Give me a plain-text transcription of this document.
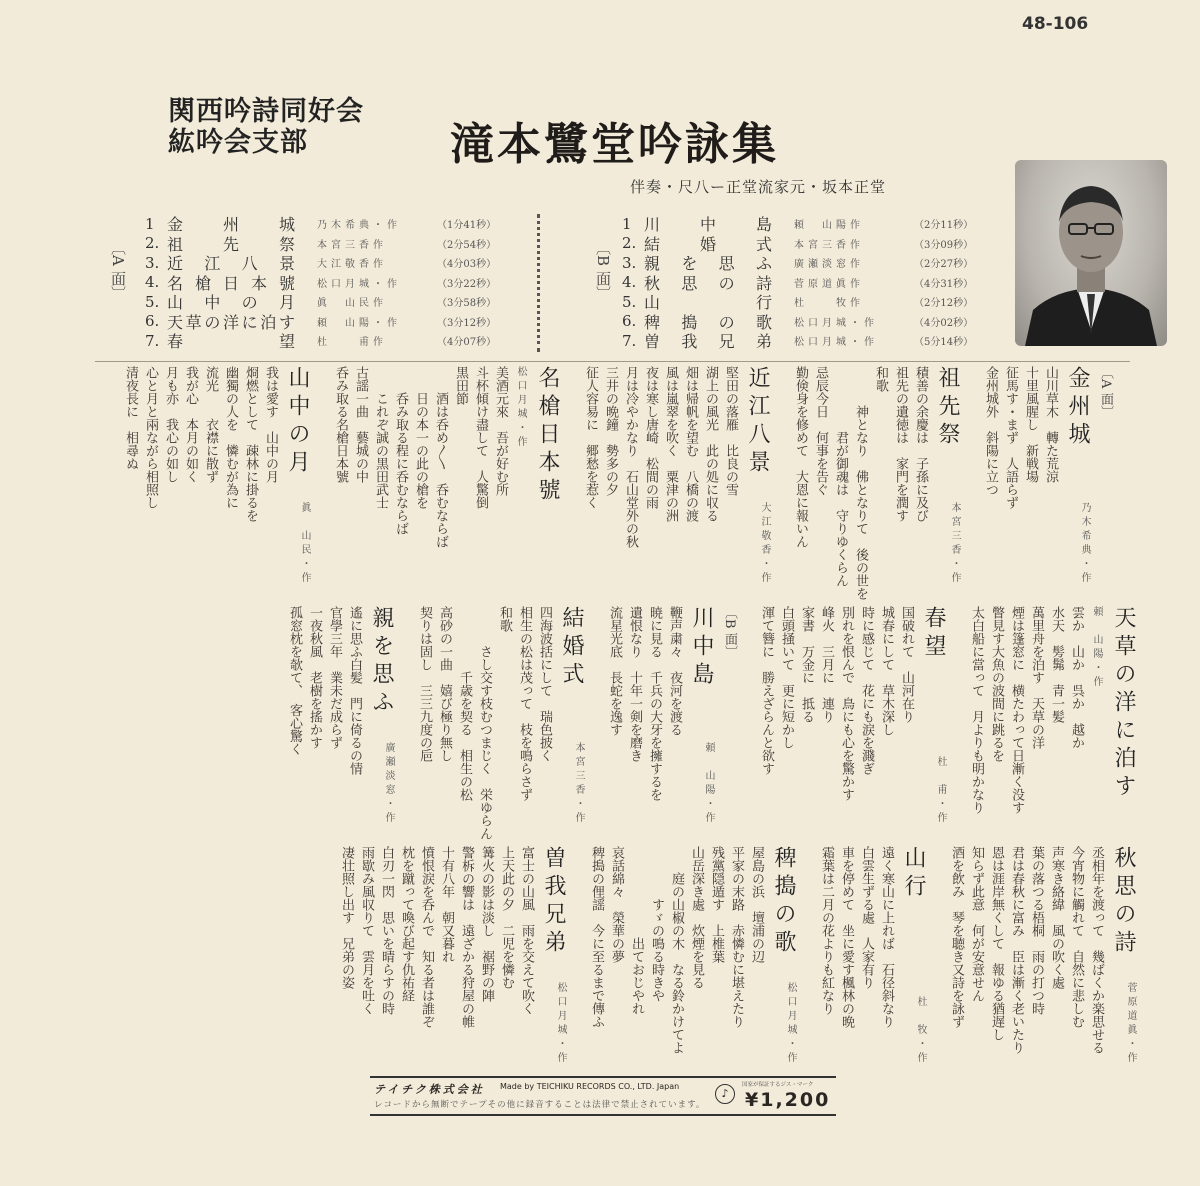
関西吟詩同好会
紘吟会支部	滝本鷺堂吟詠集
48-106
伴奏・尺八ー正堂流家元・坂本正堂
〔A 面〕
1 金 州 城 乃木希典・作	（1分41秒）
2. 祖 先 祭 本宮三香作	（2分54秒）
3. 近 江 八 景 大江敬香作	（4分03秒）
4. 名 槍 日 本 號 松口月城・作	（3分22秒）
5. 山 中 の 月 眞　山民作	（3分58秒）
6. 天 草 の 洋 に 泊 す 頼　山陽・作	（3分12秒）
7. 春	望 杜　　甫作	（4分07秒）
〔B 面〕
1 川 中 島 頼　山陽作	（2分11秒）
2. 結 婚 式 本宮三香作	（3分09秒）
3. 親 を 思 ふ 廣瀬淡窓作	（2分27秒）
4. 秋 思 の 詩 菅原道眞作	（4分31秒）
5. 山	行 杜　　牧作	（2分12秒）
6. 稗 搗 の 歌 松口月城・作	（4分02秒）
7. 曽 我 兄 弟 松口月城・作	（5分14秒）
〔A 面〕
金州城
乃木希典・作
山川草木　轉た荒涼
十里風腥し　新戦場
征馬す・まず　人語らず
金州城外　斜陽に立つ
祖先祭
本宮三香・作
積善の余慶は　子孫に及び
祖先の遺徳は　家門を潤す
和歌
　　　神となり　佛となりて　後の世を
　　　　　君が御魂は　守りゆくらん
忌辰今日　何事を告ぐ
勤倹身を修めて　大恩に報いん
近江八景
大江敬香・作
堅田の落雁　比良の雪
湖上の風光　此の処に収る
畑は帰帆を望む　八橋の渡
風は嵐翠を吹く　粟津の洲
夜は寒し唐崎　松間の雨
月は冷やかなり　石山堂外の秋
三井の晩鐘　勢多の夕
征人容易に　郷愁を惹く
名槍日本號
松口月城・作
美酒元來　吾が好む所
斗杯傾け盡して　人驚倒
黒田節
　　酒は呑め〳〵　呑むならば
　　日の本一の此の槍を
　　呑み取る程に呑むならば
　　これぞ誠の黒田武士
古謡一曲　藝城の中
呑み取る名槍日本號
山中の月
眞　山民・作
我は愛す　山中の月
烱燃として　疎林に掛るを
幽獨の人を　憐むが為に
流光　　衣襟に散ず
我が心　本月の如く
月も亦　我心の如し
心と月と兩ながら相照し
清夜長に　相尋ぬ
天草の洋に泊す
頼　山陽・作
雲か　山か　呉か　越か
水天　髣髴　青一髪
萬里舟を泊す　天草の洋
煙は篷窓に　横たわって日漸く没す
瞥見す大魚の波間に跳るを
太白船に當って　月よりも明かなり
春望
杜　甫・作
国破れて　山河在り
城春にして　草木深し
時に感じて　花にも涙を濺ぎ
別れを恨んで　鳥にも心を驚かす
峰火　三月に　連り
家書　万金に　抵る
白頭掻いて　更に短かし
渾て簪に　勝えざらんと欲す
〔B 面〕
川中島
頼　山陽・作
鞭声粛々　夜河を渡る
暁に見る　千兵の大牙を擁するを
遺恨なり　十年一剣を磨き
流星光底　長蛇を逸す
結婚式
本宮三香・作
四海波括にして　瑞色披く
相生の松は茂って　枝を鳴らさず
和歌
　　　さし交す枝むつまじく　栄ゆらん
　　　　　千歳を契る　相生の松
高砂の一曲　嬉び極り無し
契りは固し　三三九度の巵
親を思ふ
廣瀬淡窓・作
遙に思ふ白髪　門に倚るの情
官學三年　業未だ成らず
一夜秋風　老樹を搖かす
孤窓枕を欹て、　客心驚く
秋思の詩
菅原道眞・作
丞相年を渡って　幾ばくか楽思せる
今宵物に觸れて　自然に悲しむ
声寒き絡緯　風の吹く處
葉の落つる梧桐　雨の打つ時
君は春秋に富み　臣は漸く老いたり
恩は涯岸無くして　報ゆる猶遅し
知らず此意　何が安意せん
酒を飲み　琴を聴き又詩を詠ず
山行
杜　牧・作
遠く寒山に上れば　石径斜なり
白雲生ずる處　人家有り
車を停めて　坐に愛す楓林の晩
霜葉は二月の花よりも紅なり
稗搗の歌
松口月城・作
屋島の浜　壇浦の辺
平家の末路　赤憐むに堪えたり
残黨隠遁す　上椎葉
山岳深き處　炊煙を見る
　　庭の山椒の木　なる鈴かけてよ
　　　　すゞの鳴る時きや
　　　　　　　出ておじやれ
哀話綿々　榮華の夢
稗搗の俚謡　今に至るまで傳ふ
曽我兄弟
松口月城・作
富士の山風　雨を交えて吹く
上天此の夕　二児を憐む
篝火の影は淡し　裾野の陣
警柝の響は　遠ざかる狩屋の帷
十有八年　朝又暮れ
憤恨涙を呑んで　知る者は誰ぞ
枕を蹴って喚び起す仇祐経
白刃一閃　思いを晴らすの時
雨歇み風収りて　雲月を吐く
凄壮照し出す　兄弟の姿
テイチク株式会社 Made by TEICHIKU RECORDS CO., LTD. Japan
レコードから無断でテープその他に録音することは法律で禁止されています。
♪
国家が保証するジス・マーク
¥1,200
